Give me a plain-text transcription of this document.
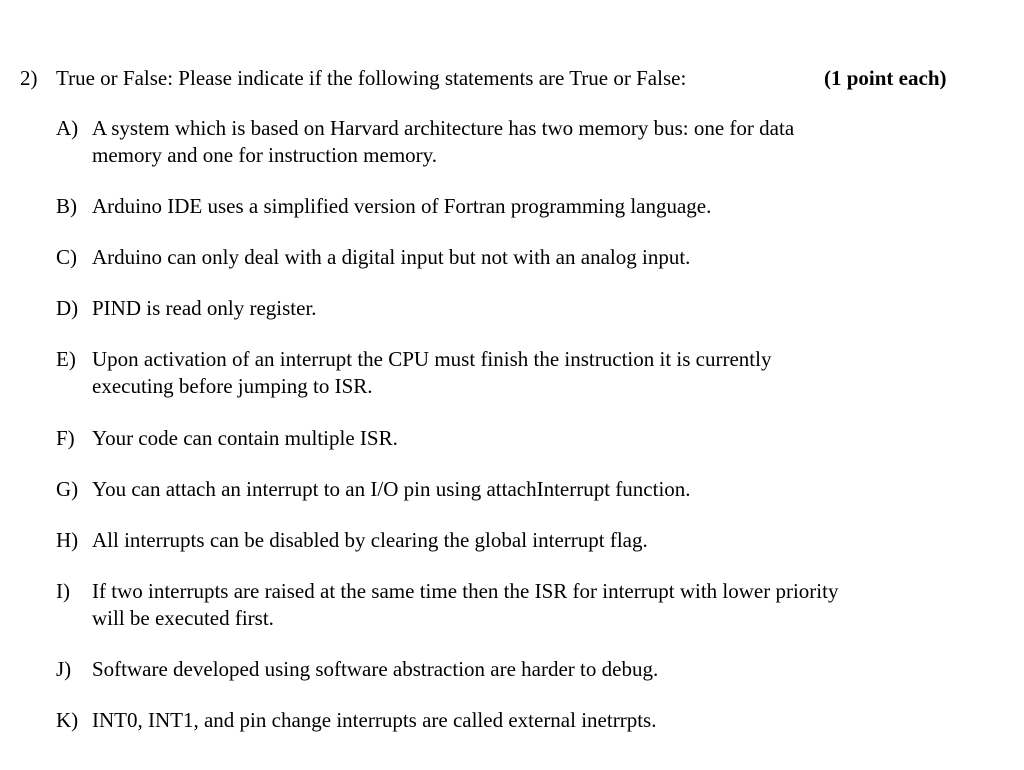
2) True or False: Please indicate if the following statements are True or False:	(1 point each)
A) A system which is based on Harvard architecture has two memory bus: one for data
memory and one for instruction memory.
B) Arduino IDE uses a simplified version of Fortran programming language.
C) Arduino can only deal with a digital input but not with an analog input.
D) PIND is read only register.
E) Upon activation of an interrupt the CPU must finish the instruction it is currently
executing before jumping to ISR.
F) Your code can contain multiple ISR.
G) You can attach an interrupt to an I/O pin using attachInterrupt function.
H) All interrupts can be disabled by clearing the global interrupt flag.
I)	If two interrupts are raised at the same time then the ISR for interrupt with lower priority
will be executed first.
J) Software developed using software abstraction are harder to debug.
K) INT0, INT1, and pin change interrupts are called external inetrrpts.
